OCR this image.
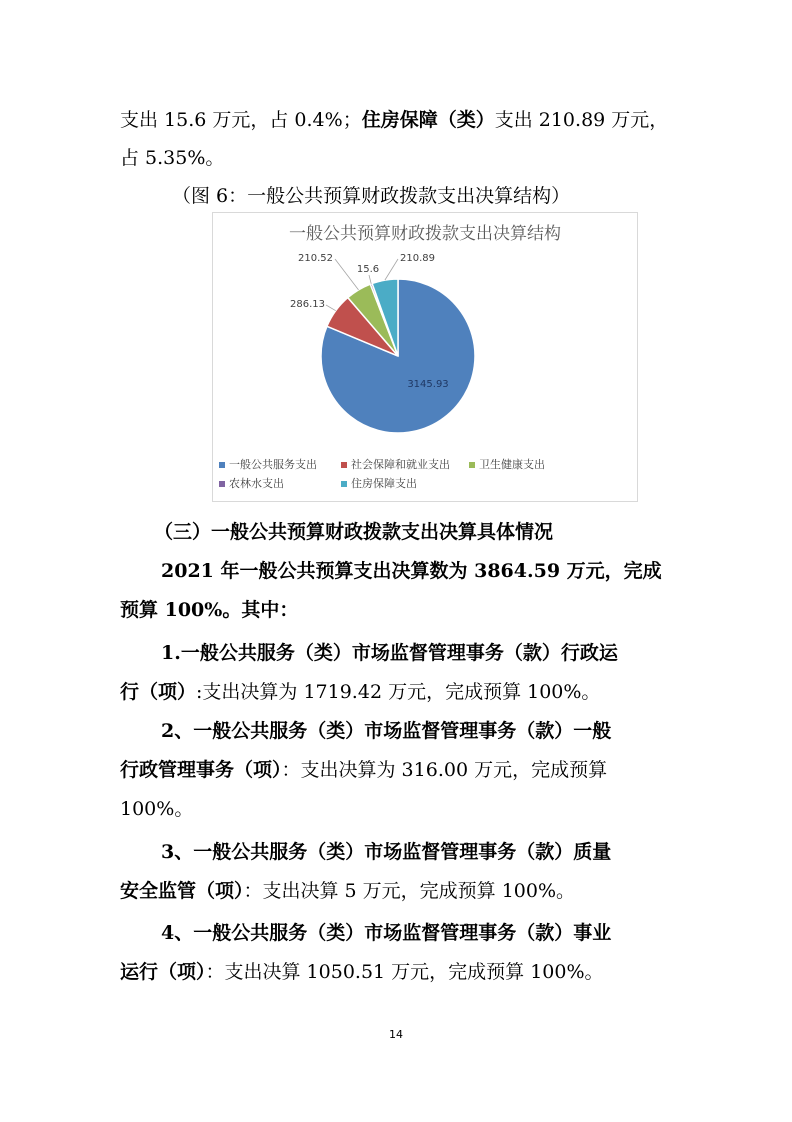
支出 15.6 万元，占 0.4%；住房保障（类）支出 210.89 万元，
占 5.35%。
（图 6：一般公共预算财政拨款支出决算结构）
一般公共预算财政拨款支出决算结构
3145.93
286.13
210.52
15.6
210.89
一般公共服务支出	社会保障和就业支出	卫生健康支出
农林水支出	住房保障支出
（三）一般公共预算财政拨款支出决算具体情况
2021 年一般公共预算支出决算数为 3864.59 万元，完成
预算 100%。其中：
1.一般公共服务（类）市场监督管理事务（款）行政运
行（项）:支出决算为 1719.42 万元，完成预算 100%。
2、一般公共服务（类）市场监督管理事务（款）一般
行政管理事务（项）：支出决算为 316.00 万元，完成预算
100%。
3、一般公共服务（类）市场监督管理事务（款）质量
安全监管（项）：支出决算 5 万元，完成预算 100%。
4、一般公共服务（类）市场监督管理事务（款）事业
运行（项）：支出决算 1050.51 万元，完成预算 100%。
14
